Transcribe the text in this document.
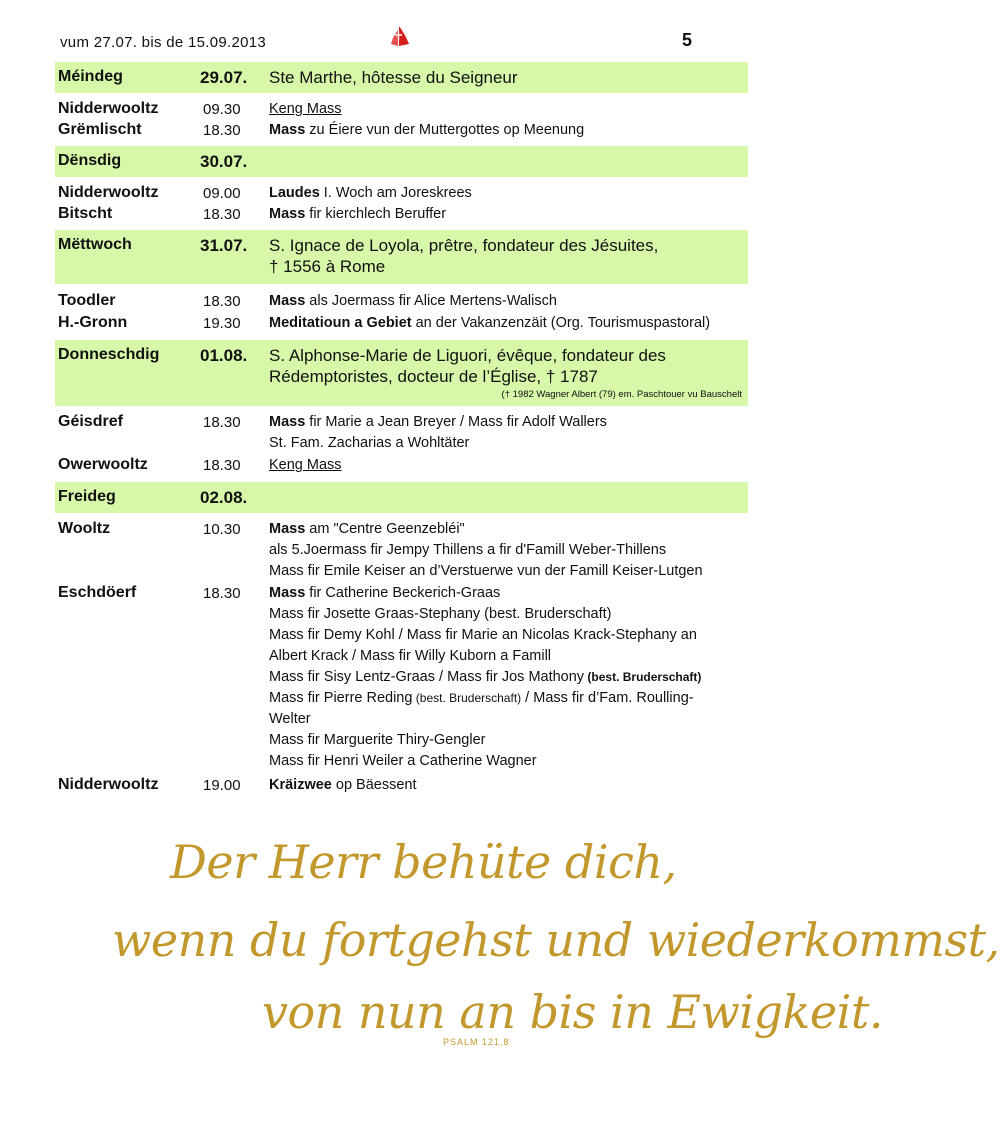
vum 27.07. bis de 15.09.2013	5
Méindeg	29.07. Ste Marthe, hôtesse du Seigneur
Nidderwooltz	09.30 Keng Mass
Grëmlischt	18.30 Mass zu Éiere vun der Muttergottes op Meenung
Dënsdig	30.07.
Nidderwooltz	09.00 Laudes I. Woch am Joreskrees
Bitscht	18.30 Mass fir kierchlech Beruffer
Mëttwoch	31.07. S. Ignace de Loyola, prêtre, fondateur des Jésuites,
† 1556 à Rome
Toodler	18.30 Mass als Joermass fir Alice Mertens-Walisch
H.-Gronn	19.30 Meditatioun a Gebiet an der Vakanzenzäit (Org. Tourismuspastoral)
Donneschdig 01.08. S. Alphonse-Marie de Liguori, évêque, fondateur des
Rédemptoristes, docteur de l’Église, † 1787
(† 1982 Wagner Albert (79) em. Paschtouer vu Bauschelt
Géisdref	18.30 Mass fir Marie a Jean Breyer / Mass fir Adolf Wallers
St. Fam. Zacharias a Wohltäter
Owerwooltz	18.30 Keng Mass
Freideg	02.08.
Wooltz	10.30 Mass am "Centre Geenzebléi"
als 5.Joermass fir Jempy Thillens a fir d'Famill Weber-Thillens
Mass fir Emile Keiser an d’Verstuerwe vun der Famill Keiser-Lutgen
Eschdöerf	18.30 Mass fir Catherine Beckerich-Graas
Mass fir Josette Graas-Stephany (best. Bruderschaft)
Mass fir Demy Kohl / Mass fir Marie an Nicolas Krack-Stephany an
Albert Krack / Mass fir Willy Kuborn a Famill
Mass fir Sisy Lentz-Graas / Mass fir Jos Mathony (best. Bruderschaft)
Mass fir Pierre Reding (best. Bruderschaft) / Mass fir d’Fam. Roulling-
Welter
Mass fir Marguerite Thiry-Gengler
Mass fir Henri Weiler a Catherine Wagner
Nidderwooltz	19.00 Kräizwee op Bäessent
Der Herr behüte dich,
wenn du fortgehst und wiederkommst,
von nun an bis in Ewigkeit.
PSALM 121,8
